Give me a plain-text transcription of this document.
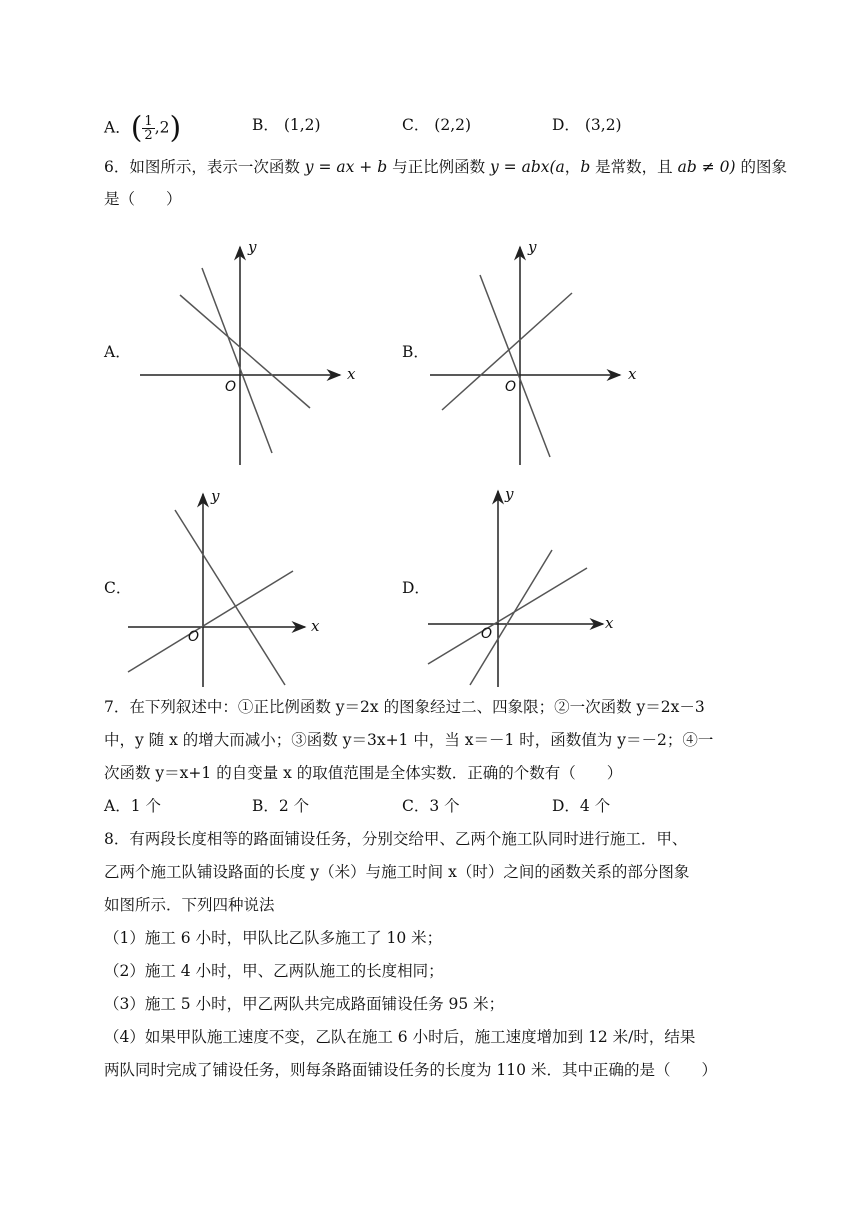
A．( $\frac{1}{2} ,2$)	B． (1,2)	C． (2,2)	D． (3,2)
6．如图所示，表示一次函数 y = ax + b 与正比例函数 y = abx(a，b 是常数，且 ab ≠ 0) 的图象
是（　　）
A．	B．
C．	D．
x
y
O
x
y
O
x
y
O
x
y
O
7．在下列叙述中：①正比例函数 y＝2x 的图象经过二、四象限；②一次函数 y＝2x－3
中，y 随 x 的增大而减小；③函数 y＝3x+1 中，当 x＝－1 时，函数值为 y＝－2；④一
次函数 y＝x+1 的自变量 x 的取值范围是全体实数．正确的个数有（　　）
A．1 个	B．2 个	C．3 个	D．4 个
8．有两段长度相等的路面铺设任务，分别交给甲、乙两个施工队同时进行施工．甲、
乙两个施工队铺设路面的长度 y（米）与施工时间 x（时）之间的函数关系的部分图象
如图所示．下列四种说法
（1）施工 6 小时，甲队比乙队多施工了 10 米；
（2）施工 4 小时，甲、乙两队施工的长度相同；
（3）施工 5 小时，甲乙两队共完成路面铺设任务 95 米；
（4）如果甲队施工速度不变，乙队在施工 6 小时后，施工速度增加到 12 米/时，结果
两队同时完成了铺设任务，则每条路面铺设任务的长度为 110 米．其中正确的是（　　）
